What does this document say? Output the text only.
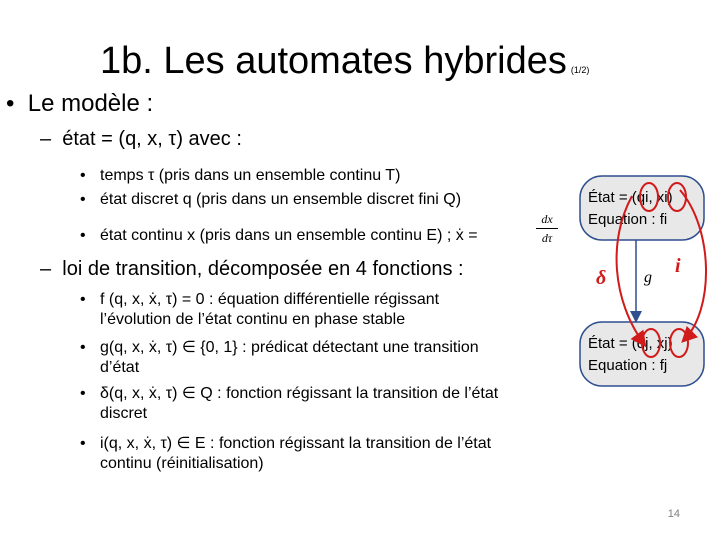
1b. Les automates hybrides (1/2)
•  Le modèle :
–  état = (q, x, τ) avec :
• temps τ (pris dans un ensemble continu T)
• état discret q (pris dans un ensemble discret fini Q)
• état continu x (pris dans un ensemble continu E) ; ẋ =
dx
dτ
–  loi de transition, décomposée en 4 fonctions :
• f (q, x, ẋ, τ) = 0 : équation différentielle régissant
l’évolution de l’état continu en phase stable
• g(q, x, ẋ, τ) ∈ {0, 1} : prédicat détectant une transition
d’état
• δ(q, x, ẋ, τ) ∈ Q : fonction régissant la transition de l’état
discret
• i(q, x, ẋ, τ) ∈ E : fonction régissant la transition de l’état
continu (réinitialisation)
État = (qi, xi)
Equation : fi
État = (qj, xj)
Equation : fj
g
δ
i
14
